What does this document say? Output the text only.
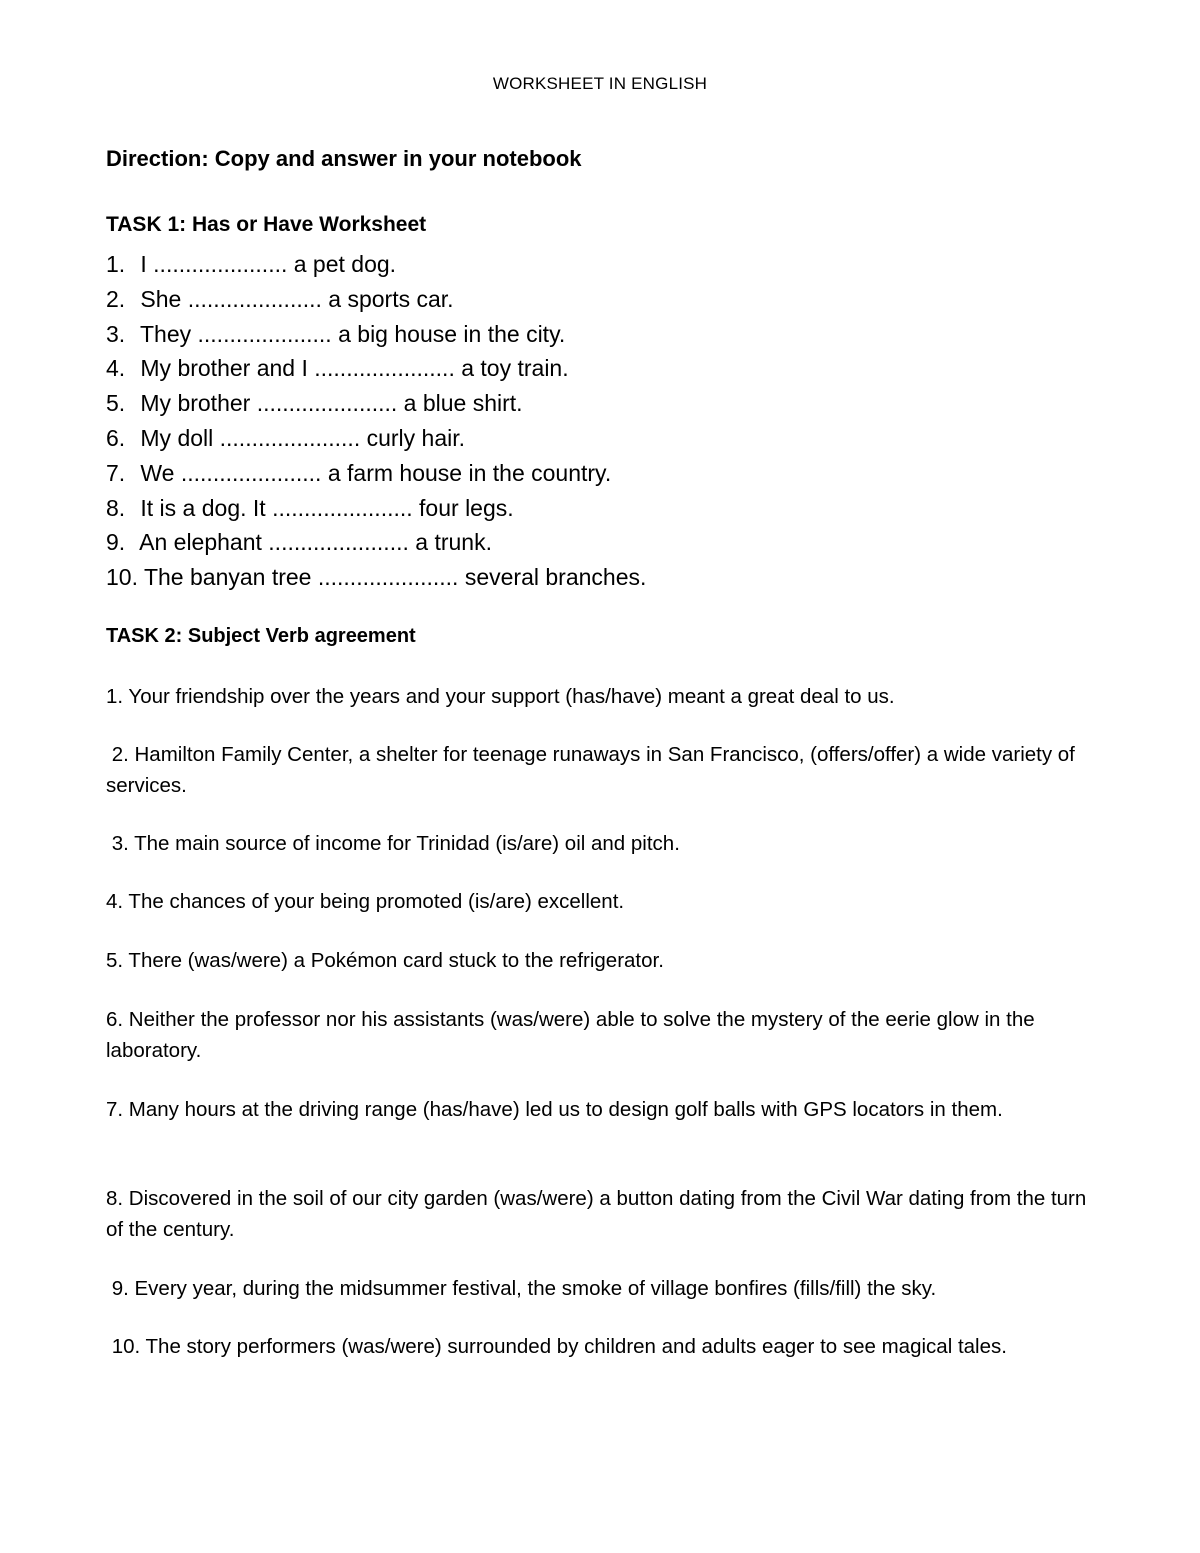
WORKSHEET IN ENGLISH
Direction: Copy and answer in your notebook
TASK 1: Has or Have Worksheet
1. I ..................... a pet dog.
2. She ..................... a sports car.
3. They ..................... a big house in the city.
4. My brother and I ...................... a toy train.
5. My brother ...................... a blue shirt.
6. My doll ...................... curly hair.
7. We ...................... a farm house in the country.
8. It is a dog. It ...................... four legs.
9. An elephant ...................... a trunk.
10. The banyan tree ...................... several branches.
TASK 2: Subject Verb agreement
1. Your friendship over the years and your support (has/have) meant a great deal to us.
2. Hamilton Family Center, a shelter for teenage runaways in San Francisco, (offers/offer) a wide variety of services.
3. The main source of income for Trinidad (is/are) oil and pitch.
4. The chances of your being promoted (is/are) excellent.
5. There (was/were) a Pokémon card stuck to the refrigerator.
6. Neither the professor nor his assistants (was/were) able to solve the mystery of the eerie glow in the laboratory.
7. Many hours at the driving range (has/have) led us to design golf balls with GPS locators in them.
8. Discovered in the soil of our city garden (was/were) a button dating from the Civil War dating from the turn of the century.
9. Every year, during the midsummer festival, the smoke of village bonfires (fills/fill) the sky.
10. The story performers (was/were) surrounded by children and adults eager to see magical tales.
